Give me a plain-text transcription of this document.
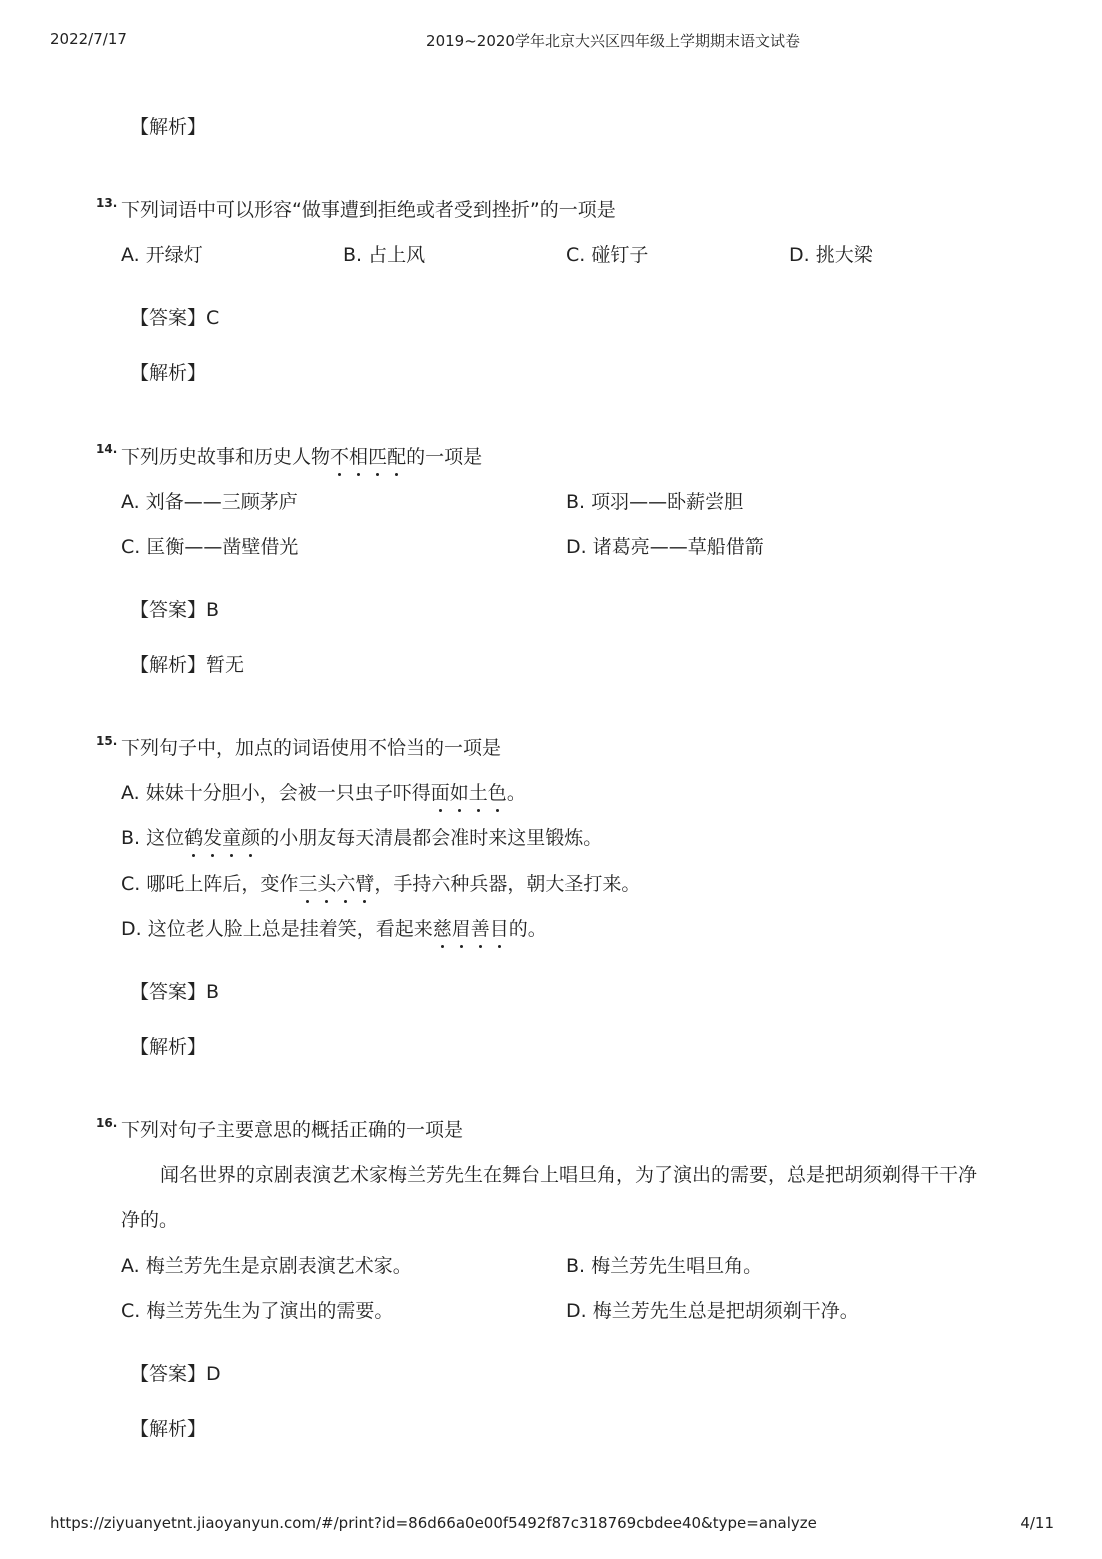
2022/7/17	2019~2020学年北京大兴区四年级上学期期末语文试卷
https://ziyuanyetnt.jiaoyanyun.com/#/print?id=86d66a0e00f5492f87c318769cbdee40&type=analyze	4/11
【解析】
13. 下列词语中可以形容“做事遭到拒绝或者受到挫折”的一项是
A. 开绿灯	B. 占上风	C. 碰钉子	D. 挑大梁
【答案】C
【解析】
14. 下列历史故事和历史人物不相匹配的一项是
A. 刘备——三顾茅庐	B. 项羽——卧薪尝胆
C. 匡衡——凿壁借光	D. 诸葛亮——草船借箭
【答案】B
【解析】暂无
15. 下列句子中，加点的词语使用不恰当的一项是
A. 妹妹十分胆小，会被一只虫子吓得面如土色。
B. 这位鹤发童颜的小朋友每天清晨都会准时来这里锻炼。
C. 哪吒上阵后，变作三头六臂，手持六种兵器，朝大圣打来。
D. 这位老人脸上总是挂着笑，看起来慈眉善目的。
【答案】B
【解析】
16. 下列对句子主要意思的概括正确的一项是
闻名世界的京剧表演艺术家梅兰芳先生在舞台上唱旦角，为了演出的需要，总是把胡须剃得干干净
净的。
A. 梅兰芳先生是京剧表演艺术家。	B. 梅兰芳先生唱旦角。
C. 梅兰芳先生为了演出的需要。	D. 梅兰芳先生总是把胡须剃干净。
【答案】D
【解析】
